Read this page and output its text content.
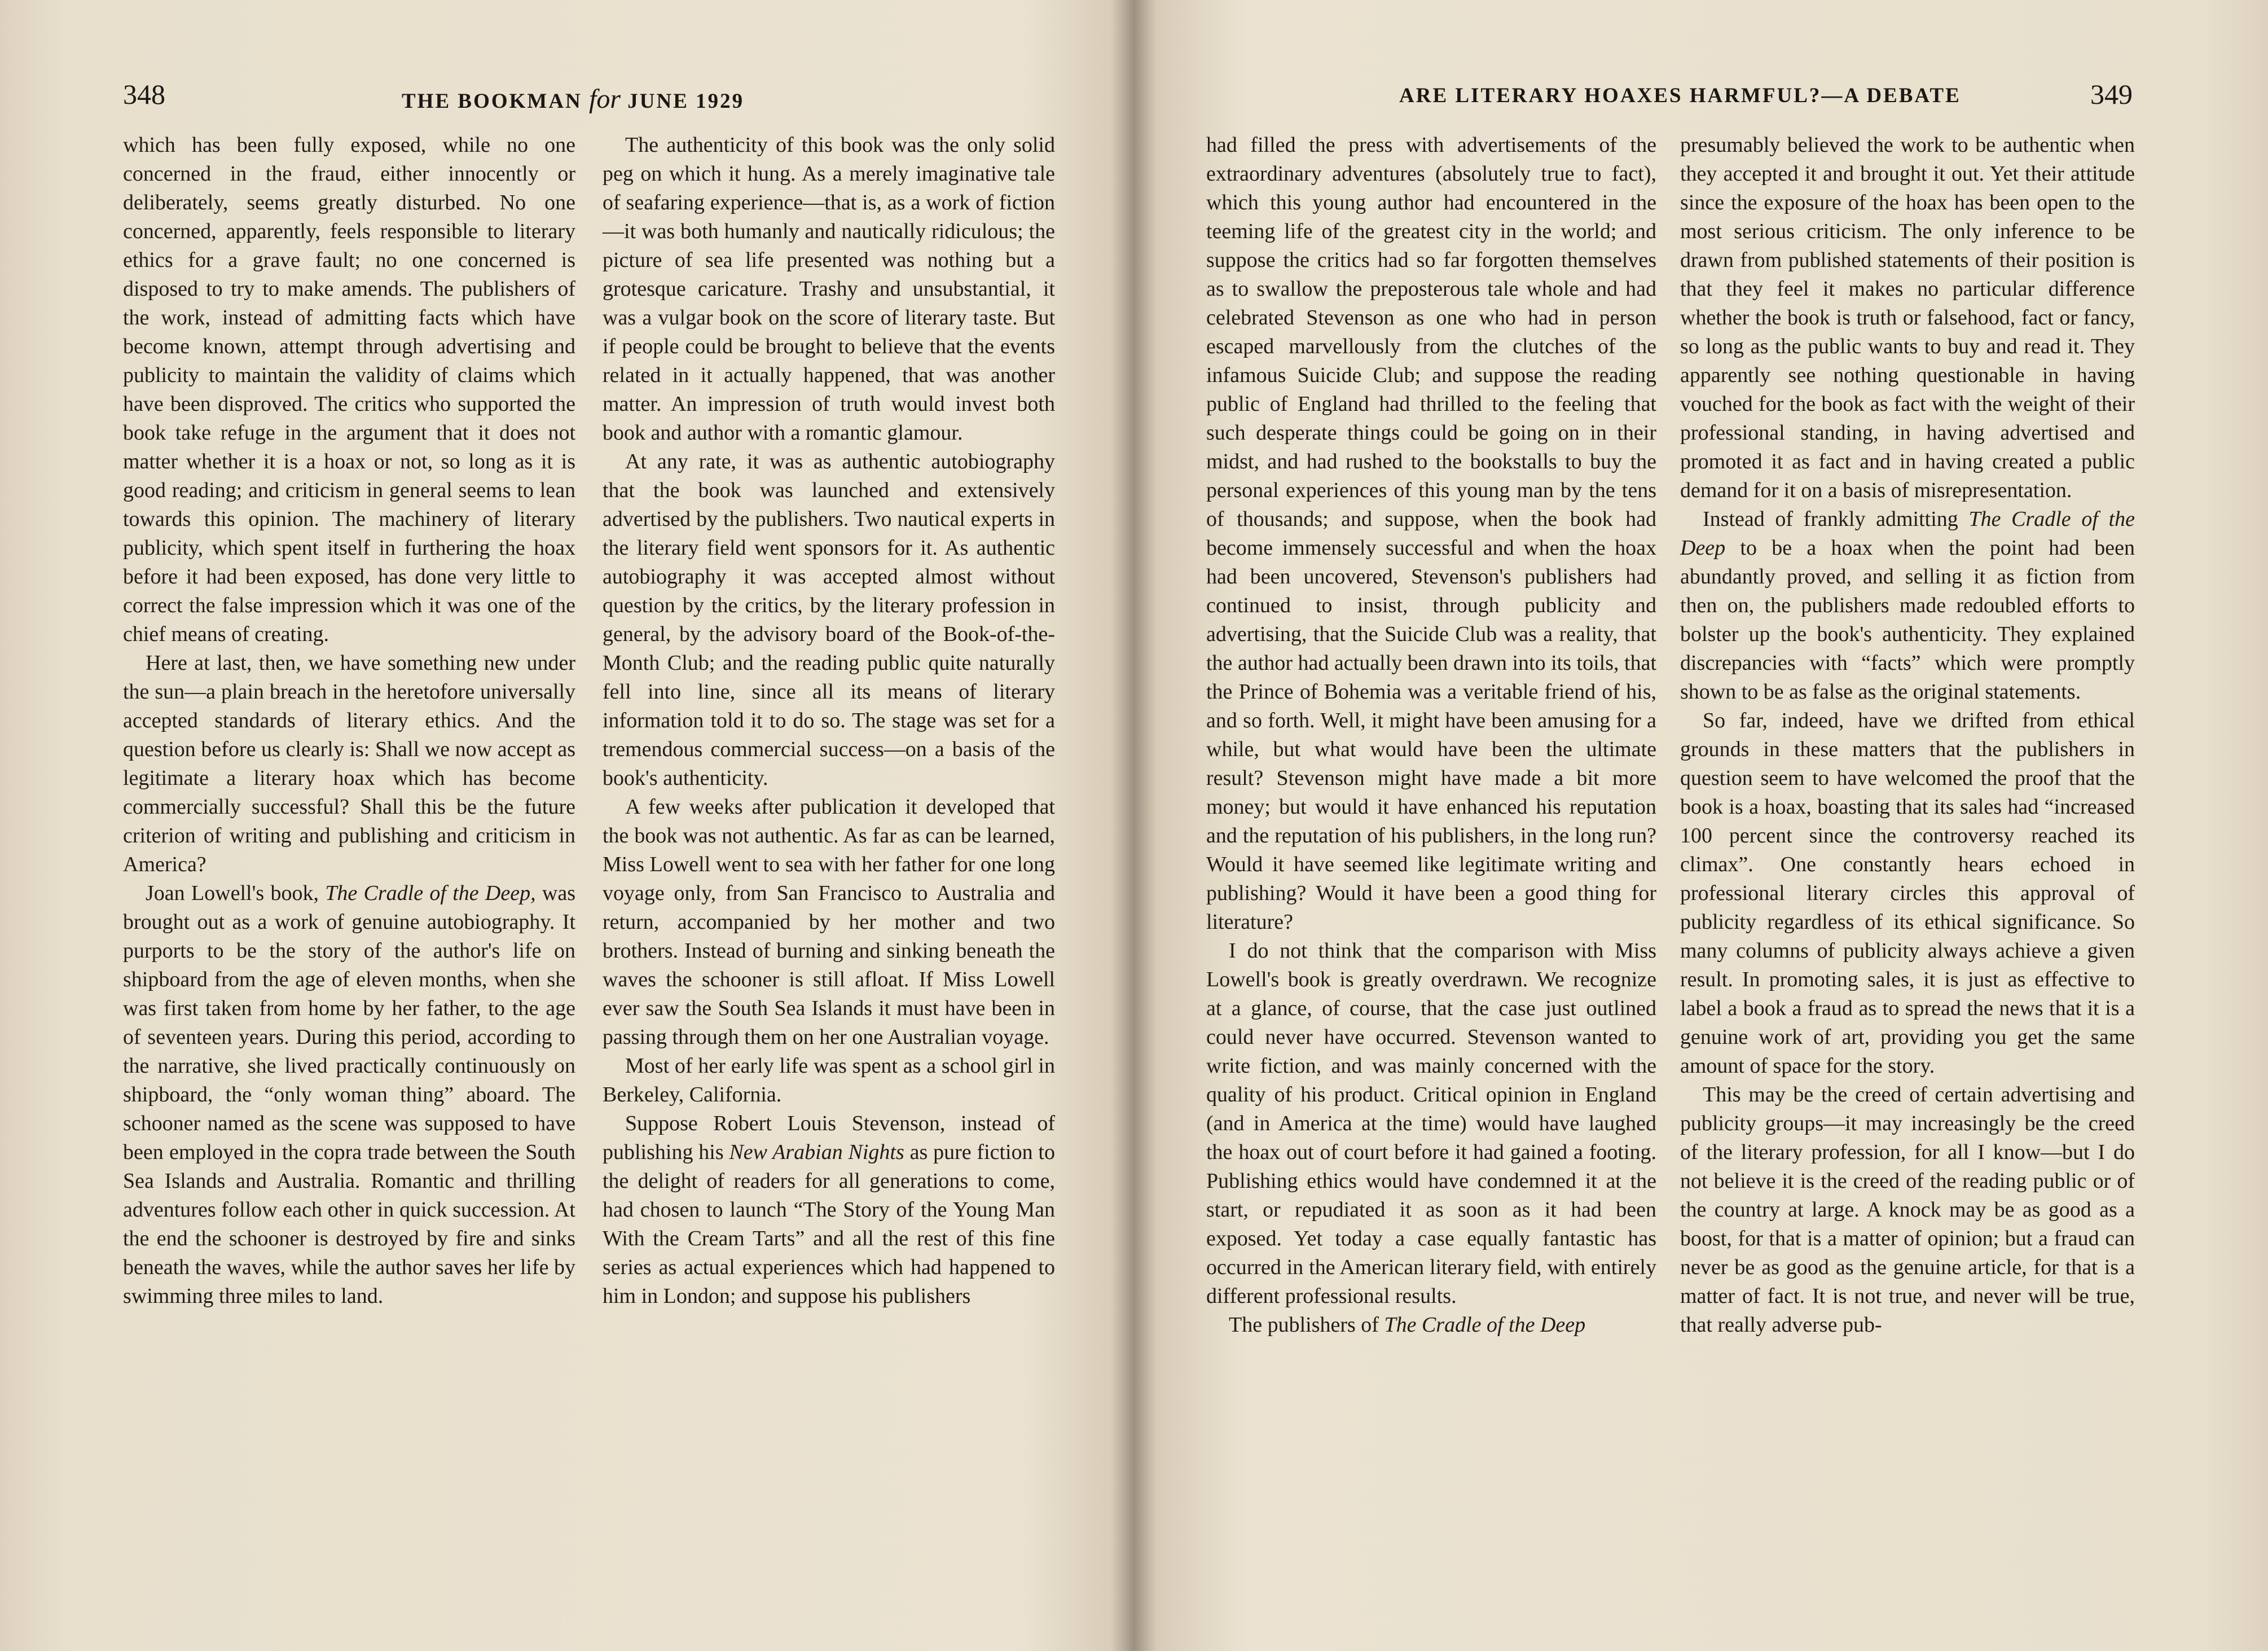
348	THE BOOKMAN for JUNE 1929

which has been fully exposed, while no one concerned in the fraud, either innocently or deliberately, seems greatly disturbed. No one concerned, apparently, feels responsible to literary ethics for a grave fault; no one concerned is disposed to try to make amends. The publishers of the work, instead of admitting facts which have become known, attempt through advertising and publicity to maintain the validity of claims which have been disproved. The critics who supported the book take refuge in the argument that it does not matter whether it is a hoax or not, so long as it is good reading; and criticism in general seems to lean towards this opinion. The machinery of literary publicity, which spent itself in furthering the hoax before it had been exposed, has done very little to correct the false impression which it was one of the chief means of creating.

Here at last, then, we have something new under the sun—a plain breach in the heretofore universally accepted standards of literary ethics. And the question before us clearly is: Shall we now accept as legitimate a literary hoax which has become commercially successful? Shall this be the future criterion of writing and publishing and criticism in America?

Joan Lowell's book, The Cradle of the Deep, was brought out as a work of genuine autobiography. It purports to be the story of the author's life on shipboard from the age of eleven months, when she was first taken from home by her father, to the age of seventeen years. During this period, according to the narrative, she lived practically continuously on shipboard, the “only woman thing” aboard. The schooner named as the scene was supposed to have been employed in the copra trade between the South Sea Islands and Australia. Romantic and thrilling adventures follow each other in quick succession. At the end the schooner is destroyed by fire and sinks beneath the waves, while the author saves her life by swimming three miles to land.

The authenticity of this book was the only solid peg on which it hung. As a merely imaginative tale of seafaring experience—that is, as a work of fiction—it was both humanly and nautically ridiculous; the picture of sea life presented was nothing but a grotesque caricature. Trashy and unsubstantial, it was a vulgar book on the score of literary taste. But if people could be brought to believe that the events related in it actually happened, that was another matter. An impression of truth would invest both book and author with a romantic glamour.

At any rate, it was as authentic autobiography that the book was launched and extensively advertised by the publishers. Two nautical experts in the literary field went sponsors for it. As authentic autobiography it was accepted almost without question by the critics, by the literary profession in general, by the advisory board of the Book-of-the-Month Club; and the reading public quite naturally fell into line, since all its means of literary information told it to do so. The stage was set for a tremendous commercial success—on a basis of the book's authenticity.

A few weeks after publication it developed that the book was not authentic. As far as can be learned, Miss Lowell went to sea with her father for one long voyage only, from San Francisco to Australia and return, accompanied by her mother and two brothers. Instead of burning and sinking beneath the waves the schooner is still afloat. If Miss Lowell ever saw the South Sea Islands it must have been in passing through them on her one Australian voyage.

Most of her early life was spent as a school girl in Berkeley, California.

Suppose Robert Louis Stevenson, instead of publishing his New Arabian Nights as pure fiction to the delight of readers for all generations to come, had chosen to launch “The Story of the Young Man With the Cream Tarts” and all the rest of this fine series as actual experiences which had happened to him in London; and suppose his publishers

ARE LITERARY HOAXES HARMFUL?—A DEBATE	349

had filled the press with advertisements of the extraordinary adventures (absolutely true to fact), which this young author had encountered in the teeming life of the greatest city in the world; and suppose the critics had so far forgotten themselves as to swallow the preposterous tale whole and had celebrated Stevenson as one who had in person escaped marvellously from the clutches of the infamous Suicide Club; and suppose the reading public of England had thrilled to the feeling that such desperate things could be going on in their midst, and had rushed to the bookstalls to buy the personal experiences of this young man by the tens of thousands; and suppose, when the book had become immensely successful and when the hoax had been uncovered, Stevenson's publishers had continued to insist, through publicity and advertising, that the Suicide Club was a reality, that the author had actually been drawn into its toils, that the Prince of Bohemia was a veritable friend of his, and so forth. Well, it might have been amusing for a while, but what would have been the ultimate result? Stevenson might have made a bit more money; but would it have enhanced his reputation and the reputation of his publishers, in the long run? Would it have seemed like legitimate writing and publishing? Would it have been a good thing for literature?

I do not think that the comparison with Miss Lowell's book is greatly overdrawn. We recognize at a glance, of course, that the case just outlined could never have occurred. Stevenson wanted to write fiction, and was mainly concerned with the quality of his product. Critical opinion in England (and in America at the time) would have laughed the hoax out of court before it had gained a footing. Publishing ethics would have condemned it at the start, or repudiated it as soon as it had been exposed. Yet today a case equally fantastic has occurred in the American literary field, with entirely different professional results.

The publishers of The Cradle of the Deep

presumably believed the work to be authentic when they accepted it and brought it out. Yet their attitude since the exposure of the hoax has been open to the most serious criticism. The only inference to be drawn from published statements of their position is that they feel it makes no particular difference whether the book is truth or falsehood, fact or fancy, so long as the public wants to buy and read it. They apparently see nothing questionable in having vouched for the book as fact with the weight of their professional standing, in having advertised and promoted it as fact and in having created a public demand for it on a basis of misrepresentation.

Instead of frankly admitting The Cradle of the Deep to be a hoax when the point had been abundantly proved, and selling it as fiction from then on, the publishers made redoubled efforts to bolster up the book's authenticity. They explained discrepancies with “facts” which were promptly shown to be as false as the original statements.

So far, indeed, have we drifted from ethical grounds in these matters that the publishers in question seem to have welcomed the proof that the book is a hoax, boasting that its sales had “increased 100 percent since the controversy reached its climax”. One constantly hears echoed in professional literary circles this approval of publicity regardless of its ethical significance. So many columns of publicity always achieve a given result. In promoting sales, it is just as effective to label a book a fraud as to spread the news that it is a genuine work of art, providing you get the same amount of space for the story.

This may be the creed of certain advertising and publicity groups—it may increasingly be the creed of the literary profession, for all I know—but I do not believe it is the creed of the reading public or of the country at large. A knock may be as good as a boost, for that is a matter of opinion; but a fraud can never be as good as the genuine article, for that is a matter of fact. It is not true, and never will be true, that really adverse pub-
